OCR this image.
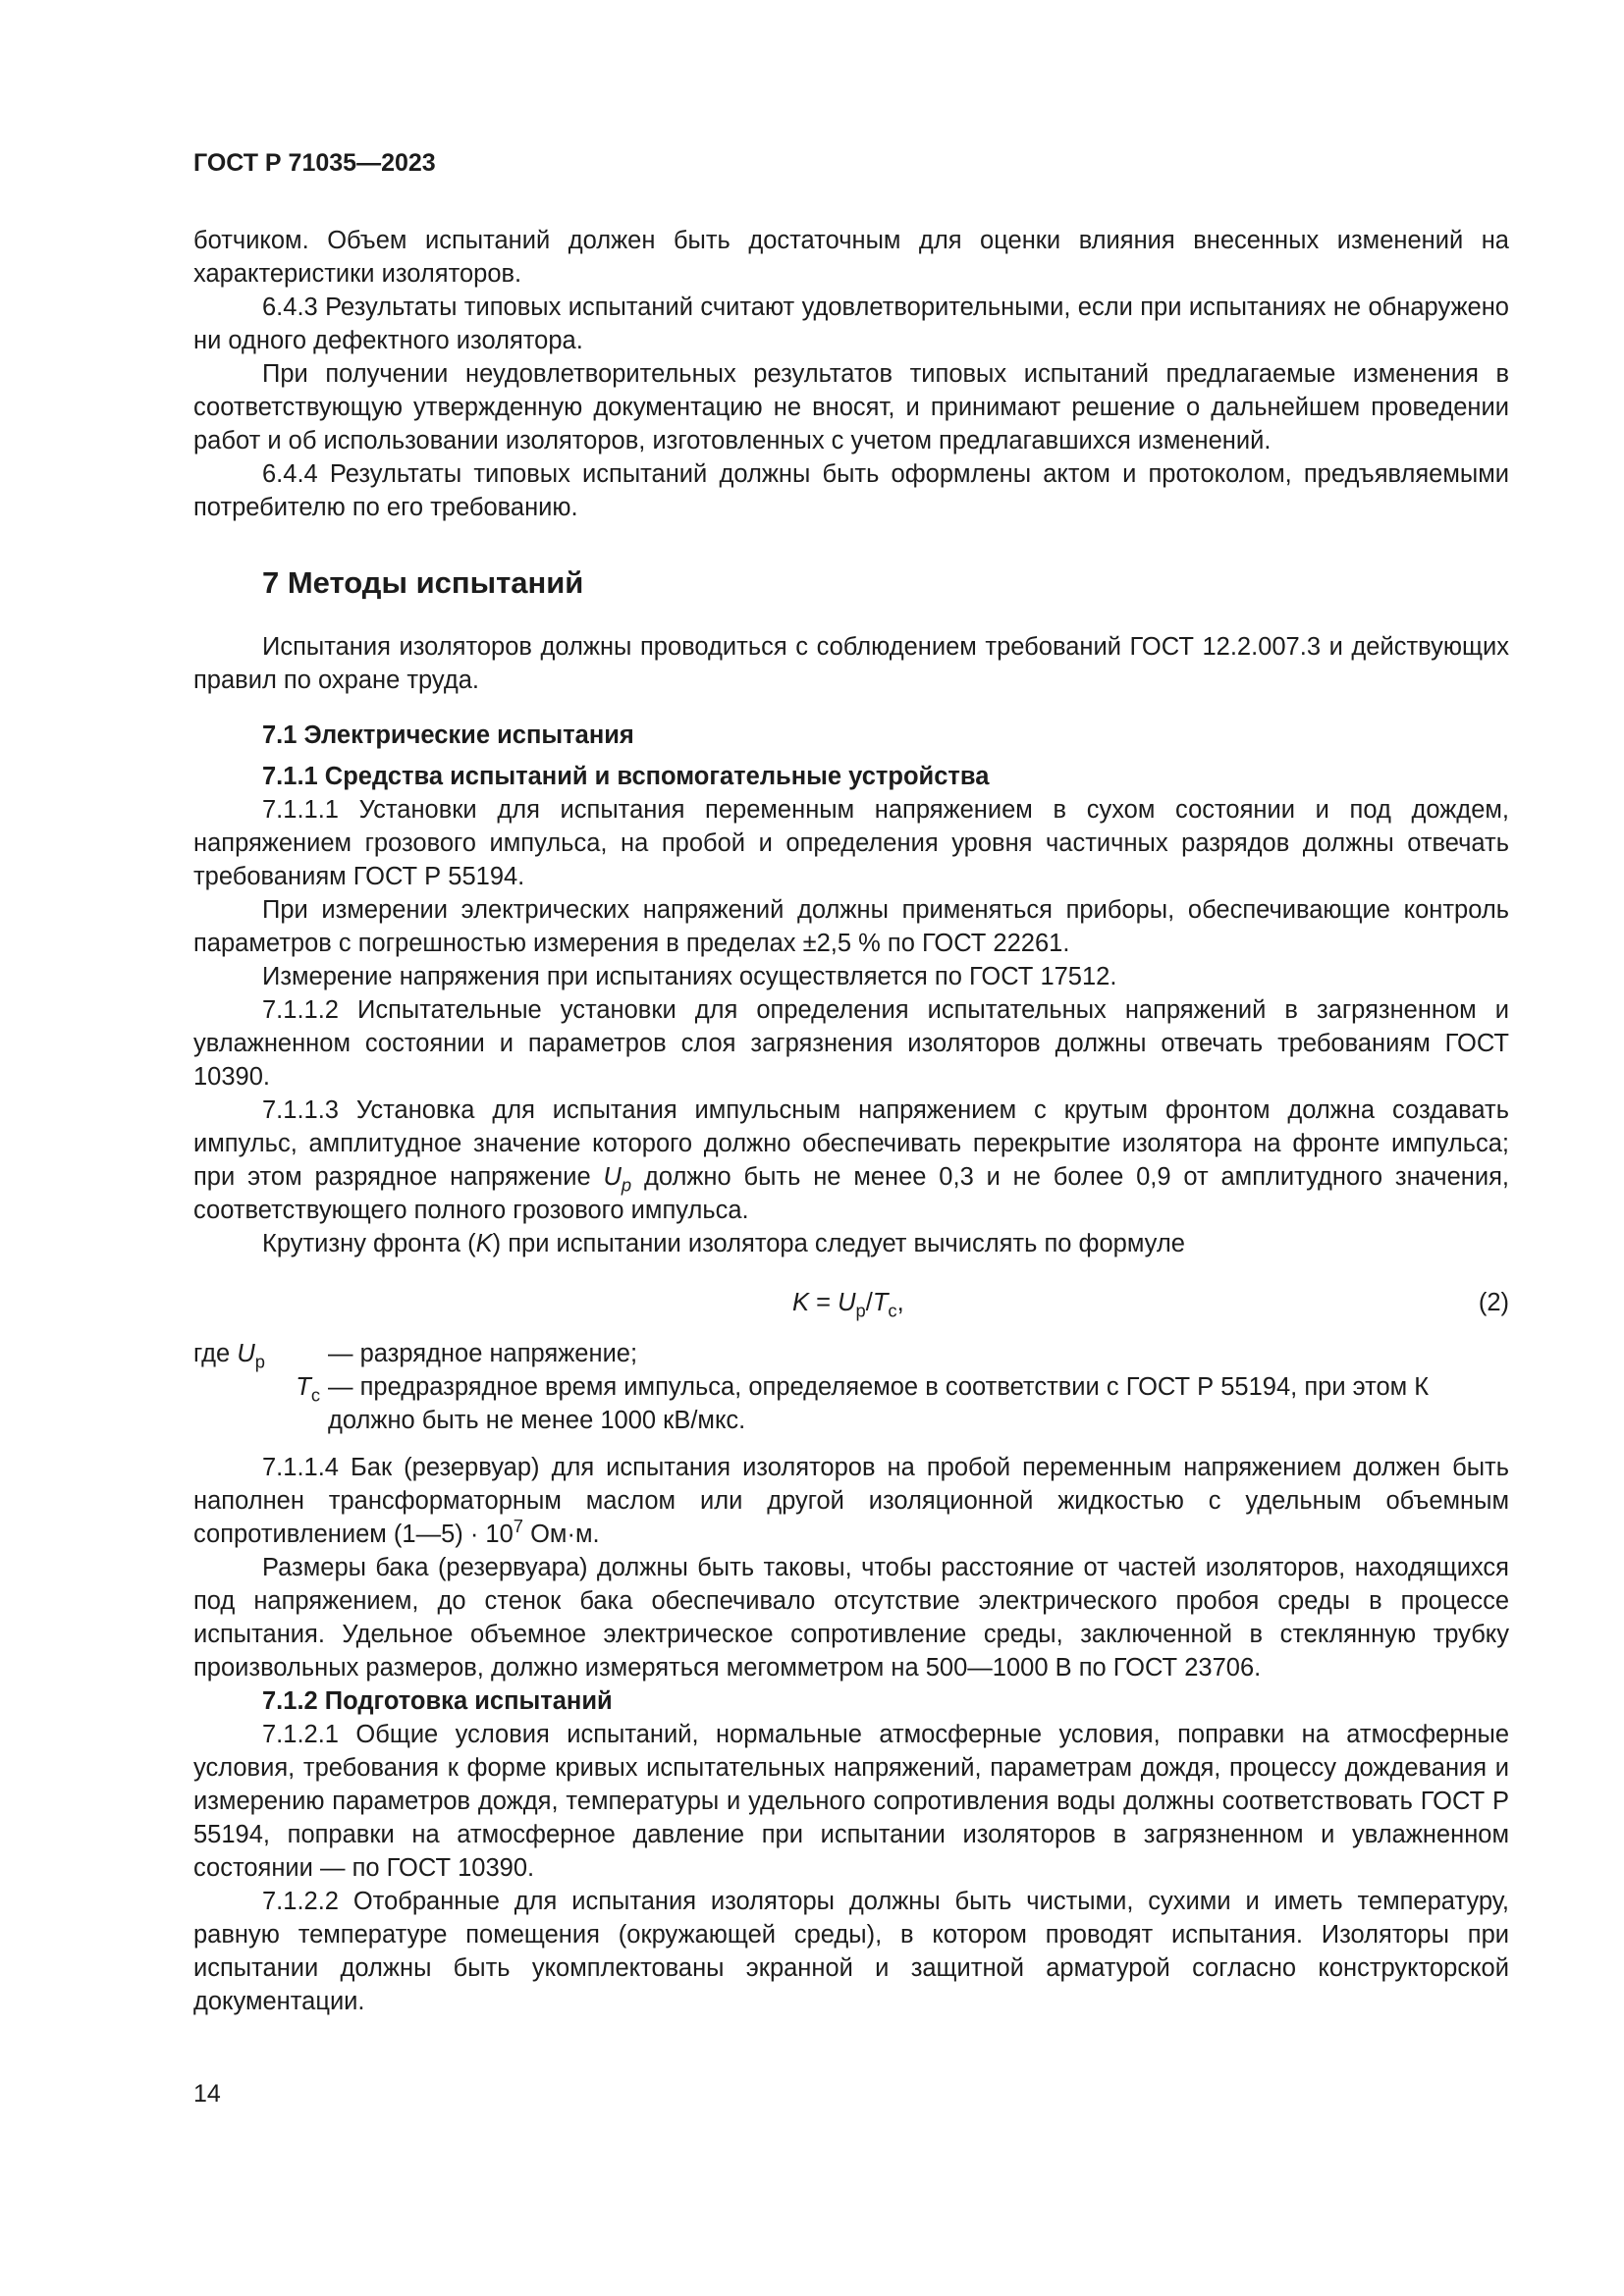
ГОСТ Р 71035—2023

ботчиком. Объем испытаний должен быть достаточным для оценки влияния внесенных изменений на характеристики изоляторов.

6.4.3 Результаты типовых испытаний считают удовлетворительными, если при испытаниях не обнаружено ни одного дефектного изолятора.

При получении неудовлетворительных результатов типовых испытаний предлагаемые изменения в соответствующую утвержденную документацию не вносят, и принимают решение о дальнейшем проведении работ и об использовании изоляторов, изготовленных с учетом предлагавшихся изменений.

6.4.4 Результаты типовых испытаний должны быть оформлены актом и протоколом, предъявляемыми потребителю по его требованию.

7 Методы испытаний

Испытания изоляторов должны проводиться с соблюдением требований ГОСТ 12.2.007.3 и действующих правил по охране труда.

7.1 Электрические испытания
7.1.1 Средства испытаний и вспомогательные устройства

7.1.1.1 Установки для испытания переменным напряжением в сухом состоянии и под дождем, напряжением грозового импульса, на пробой и определения уровня частичных разрядов должны отвечать требованиям ГОСТ Р 55194.

При измерении электрических напряжений должны применяться приборы, обеспечивающие контроль параметров с погрешностью измерения в пределах ±2,5 % по ГОСТ 22261.

Измерение напряжения при испытаниях осуществляется по ГОСТ 17512.

7.1.1.2 Испытательные установки для определения испытательных напряжений в загрязненном и увлажненном состоянии и параметров слоя загрязнения изоляторов должны отвечать требованиям ГОСТ 10390.

7.1.1.3 Установка для испытания импульсным напряжением с крутым фронтом должна создавать импульс, амплитудное значение которого должно обеспечивать перекрытие изолятора на фронте импульса; при этом разрядное напряжение $U_p$ должно быть не менее 0,3 и не более 0,9 от амплитудного значения, соответствующего полного грозового импульса.

Крутизну фронта (K) при испытании изолятора следует вычислять по формуле

$K = U_p/T_c$,	(2)
где $U_p$	— разрядное напряжение;
$T_c$ — предразрядное время импульса, определяемое в соответствии с ГОСТ Р 55194, при этом К должно быть не менее 1000 кВ/мкс.

7.1.1.4 Бак (резервуар) для испытания изоляторов на пробой переменным напряжением должен быть наполнен трансформаторным маслом или другой изоляционной жидкостью с удельным объемным сопротивлением (1—5) · $10^7$ Ом·м.

Размеры бака (резервуара) должны быть таковы, чтобы расстояние от частей изоляторов, находящихся под напряжением, до стенок бака обеспечивало отсутствие электрического пробоя среды в процессе испытания. Удельное объемное электрическое сопротивление среды, заключенной в стеклянную трубку произвольных размеров, должно измеряться мегомметром на 500—1000 В по ГОСТ 23706.

7.1.2 Подготовка испытаний

7.1.2.1 Общие условия испытаний, нормальные атмосферные условия, поправки на атмосферные условия, требования к форме кривых испытательных напряжений, параметрам дождя, процессу дождевания и измерению параметров дождя, температуры и удельного сопротивления воды должны соответствовать ГОСТ Р 55194, поправки на атмосферное давление при испытании изоляторов в загрязненном и увлажненном состоянии — по ГОСТ 10390.

7.1.2.2 Отобранные для испытания изоляторы должны быть чистыми, сухими и иметь температуру, равную температуре помещения (окружающей среды), в котором проводят испытания. Изоляторы при испытании должны быть укомплектованы экранной и защитной арматурой согласно конструкторской документации.

14
